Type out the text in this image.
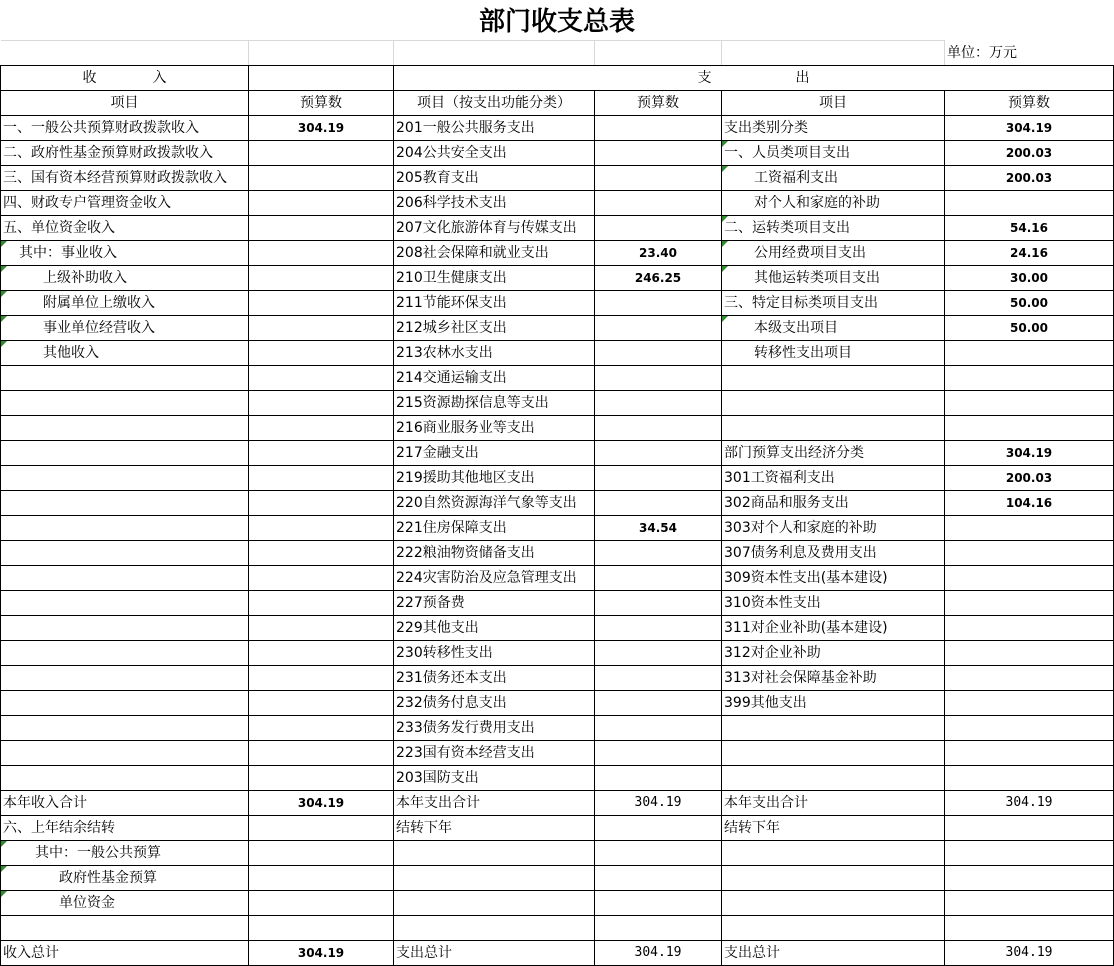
部门收支总表
					单位：万元
收　　　　入		支　　　　　　出			
项目	预算数	项目（按支出功能分类）	预算数	项目	预算数
一、一般公共预算财政拨款收入	304.19	201一般公共服务支出		支出类别分类	304.19
二、政府性基金预算财政拨款收入		204公共安全支出		一、人员类项目支出	200.03
三、国有资本经营预算财政拨款收入		205教育支出		工资福利支出	200.03
四、财政专户管理资金收入		206科学技术支出		对个人和家庭的补助	
五、单位资金收入		207文化旅游体育与传媒支出		二、运转类项目支出	54.16
其中：事业收入		208社会保障和就业支出	23.40	公用经费项目支出	24.16
上级补助收入		210卫生健康支出	246.25	其他运转类项目支出	30.00
附属单位上缴收入		211节能环保支出		三、特定目标类项目支出	50.00
事业单位经营收入		212城乡社区支出		本级支出项目	50.00
其他收入		213农林水支出		转移性支出项目	
		214交通运输支出			
		215资源勘探信息等支出			
		216商业服务业等支出			
		217金融支出		部门预算支出经济分类	304.19
		219援助其他地区支出		301工资福利支出	200.03
		220自然资源海洋气象等支出		302商品和服务支出	104.16
		221住房保障支出	34.54	303对个人和家庭的补助	
		222粮油物资储备支出		307债务利息及费用支出	
		224灾害防治及应急管理支出		309资本性支出(基本建设)	
		227预备费		310资本性支出	
		229其他支出		311对企业补助(基本建设)	
		230转移性支出		312对企业补助	
		231债务还本支出		313对社会保障基金补助	
		232债务付息支出		399其他支出	
		233债务发行费用支出			
		223国有资本经营支出			
		203国防支出			
本年收入合计	304.19	本年支出合计	304.19	本年支出合计	304.19
六、上年结余结转		结转下年		结转下年	
其中：一般公共预算					
政府性基金预算					
单位资金					

收入总计	304.19	支出总计	304.19	支出总计	304.19
